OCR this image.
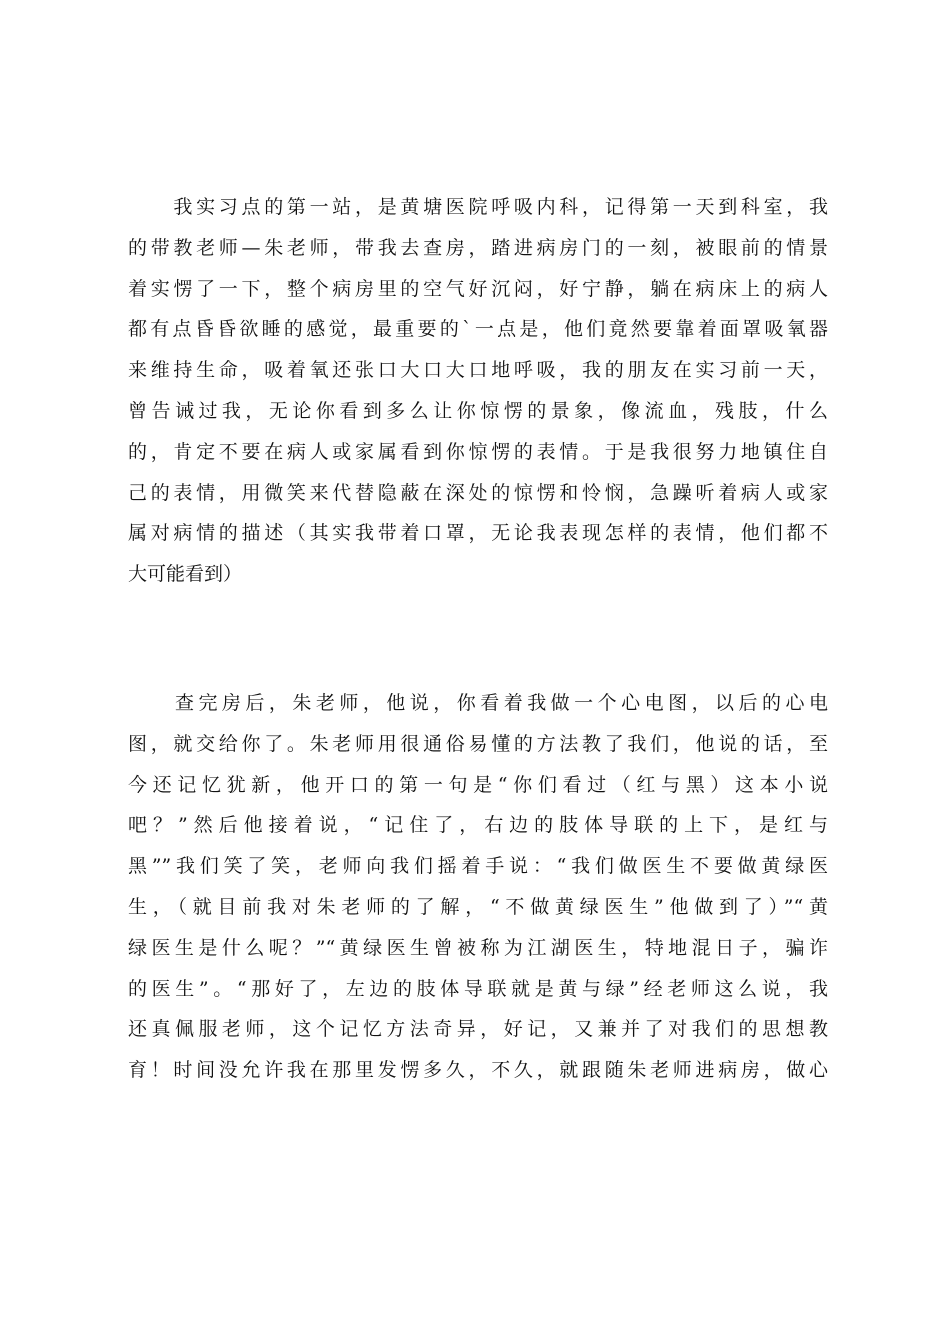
　　我实习点的第一站，是黄塘医院呼吸内科，记得第一天到科室，我
的带教老师—朱老师，带我去查房，踏进病房门的一刻，被眼前的情景
着实愣了一下，整个病房里的空气好沉闷，好宁静，躺在病床上的病人
都有点昏昏欲睡的感觉，最重要的`一点是，他们竟然要靠着面罩吸氧器
来维持生命，吸着氧还张口大口大口地呼吸，我的朋友在实习前一天，
曾告诫过我，无论你看到多么让你惊愣的景象，像流血，残肢，什么
的，肯定不要在病人或家属看到你惊愣的表情。于是我很努力地镇住自
己的表情，用微笑来代替隐蔽在深处的惊愣和怜悯，急躁听着病人或家
属对病情的描述（其实我带着口罩，无论我表现怎样的表情，他们都不
大可能看到）
　　查完房后，朱老师，他说，你看着我做一个心电图，以后的心电
图，就交给你了。朱老师用很通俗易懂的方法教了我们，他说的话，至
今还记忆犹新，他开口的第一句是“你们看过（红与黑）这本小说
吧？”然后他接着说，“记住了，右边的肢体导联的上下，是红与
黑””我们笑了笑，老师向我们摇着手说：“我们做医生不要做黄绿医
生，（就目前我对朱老师的了解，“不做黄绿医生”他做到了）”“黄
绿医生是什么呢？”“黄绿医生曾被称为江湖医生，特地混日子，骗诈
的医生”。“那好了，左边的肢体导联就是黄与绿”经老师这么说，我
还真佩服老师，这个记忆方法奇异，好记，又兼并了对我们的思想教
育！时间没允许我在那里发愣多久，不久，就跟随朱老师进病房，做心
